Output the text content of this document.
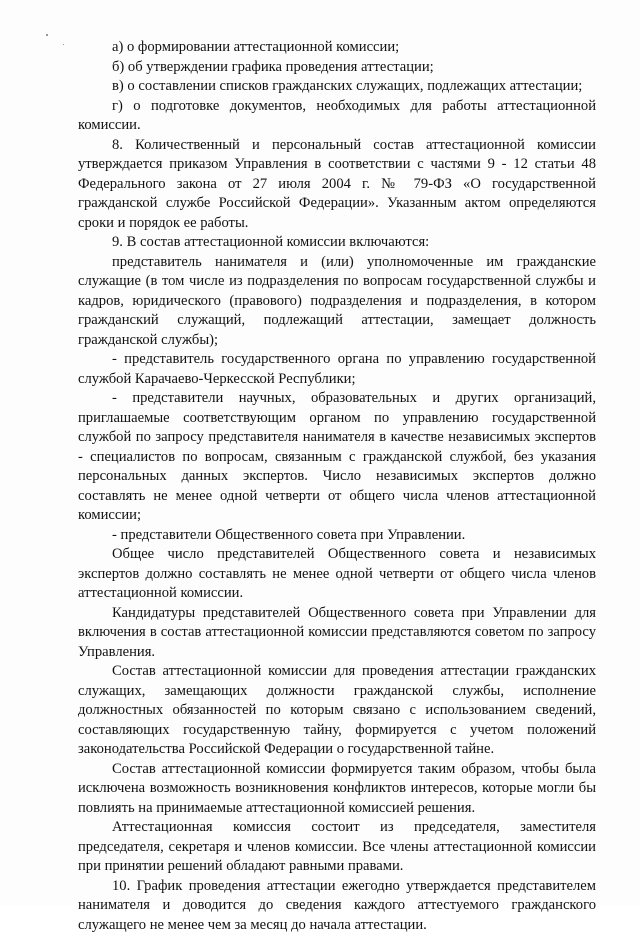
а) о формировании аттестационной комиссии;

б) об утверждении графика проведения аттестации;

в) о составлении списков гражданских служащих, подлежащих аттестации;

г) о подготовке документов, необходимых для работы аттестационной комиссии.

8. Количественный и персональный состав аттестационной комиссии утверждается приказом Управления в соответствии с частями 9 - 12 статьи 48 Федерального закона от 27 июля 2004 г. № 79-ФЗ «О государственной гражданской службе Российской Федерации». Указанным актом определяются сроки и порядок ее работы.

9. В состав аттестационной комиссии включаются:

представитель нанимателя и (или) уполномоченные им гражданские служащие (в том числе из подразделения по вопросам государственной службы и кадров, юридического (правового) подразделения и подразделения, в котором гражданский служащий, подлежащий аттестации, замещает должность гражданской службы);

- представитель государственного органа по управлению государственной службой Карачаево-Черкесской Республики;

- представители научных, образовательных и других организаций, приглашаемые соответствующим органом по управлению государственной службой по запросу представителя нанимателя в качестве независимых экспертов - специалистов по вопросам, связанным с гражданской службой, без указания персональных данных экспертов. Число независимых экспертов должно составлять не менее одной четверти от общего числа членов аттестационной комиссии;

- представители Общественного совета при Управлении.

Общее число представителей Общественного совета и независимых экспертов должно составлять не менее одной четверти от общего числа членов аттестационной комиссии.

Кандидатуры представителей Общественного совета при Управлении для включения в состав аттестационной комиссии представляются советом по запросу Управления.

Состав аттестационной комиссии для проведения аттестации гражданских служащих, замещающих должности гражданской службы, исполнение должностных обязанностей по которым связано с использованием сведений, составляющих государственную тайну, формируется с учетом положений законодательства Российской Федерации о государственной тайне.

Состав аттестационной комиссии формируется таким образом, чтобы была исключена возможность возникновения конфликтов интересов, которые могли бы повлиять на принимаемые аттестационной комиссией решения.

Аттестационная комиссия состоит из председателя, заместителя председателя, секретаря и членов комиссии. Все члены аттестационной комиссии при принятии решений обладают равными правами.

10. График проведения аттестации ежегодно утверждается представителем нанимателя и доводится до сведения каждого аттестуемого гражданского служащего не менее чем за месяц до начала аттестации.
